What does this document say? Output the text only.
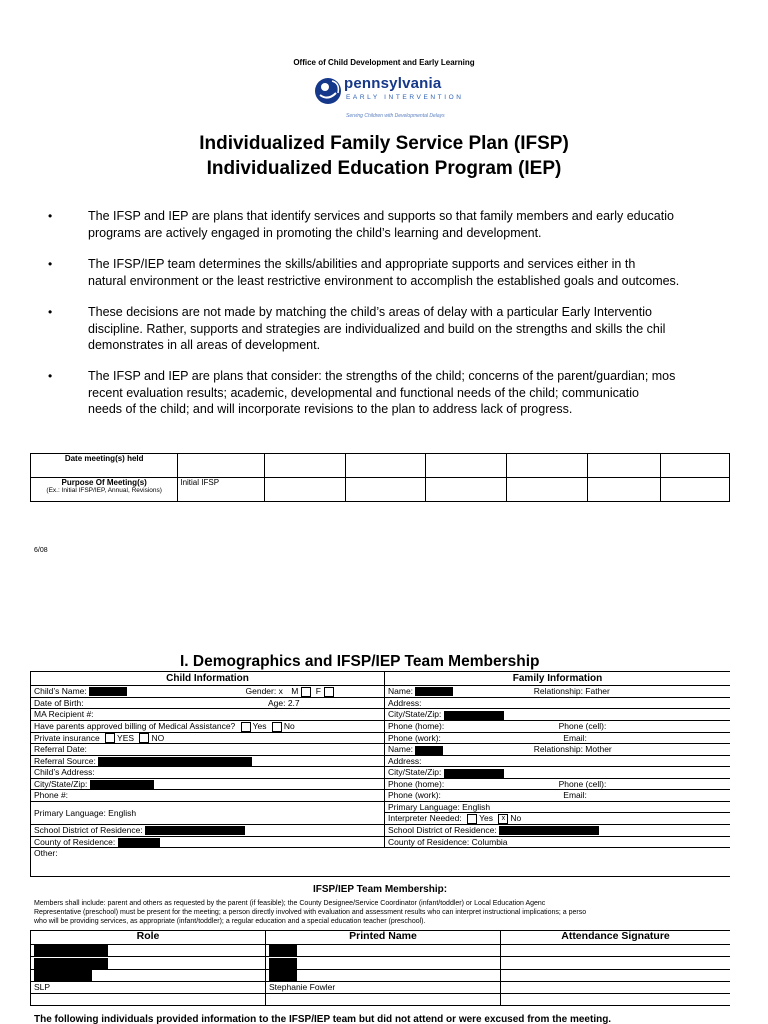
Office of Child Development and Early Learning
pennsylvania
EARLY INTERVENTION
Serving Children with Developmental Delays
Individualized Family Service Plan (IFSP)
Individualized Education Program (IEP)
•	The IFSP and IEP are plans that identify services and supports so that family members and early educatio
programs are actively engaged in promoting the child’s learning and development.
•	The IFSP/IEP team determines the skills/abilities and appropriate supports and services either in th
natural environment or the least restrictive environment to accomplish the established goals and outcomes.
•	These decisions are not made by matching the child’s areas of delay with a particular Early Interventio
discipline. Rather, supports and strategies are individualized and build on the strengths and skills the chil
demonstrates in all areas of development.
•	The IFSP and IEP are plans that consider: the strengths of the child; concerns of the parent/guardian; mos
recent evaluation results; academic, developmental and functional needs of the child; communicatio
needs of the child; and will incorporate revisions to the plan to address lack of progress.
Date meeting(s) held							
Purpose Of Meeting(s)
(Ex.: Initial IFSP/IEP, Annual, Revisions)	Initial IFSP						
6/08
I. Demographics and IFSP/IEP Team Membership
Child Information	Family Information
Child’s Name: Gender: x M F	Name: Relationship: Father
Date of Birth: Age: 2.7	Address:
MA Recipient #:	City/State/Zip:
Have parents approved billing of Medical Assistance? Yes No	Phone (home): Phone (cell):
Private insurance YES NO	Phone (work): Email:
Referral Date:	Name: Relationship: Mother
Referral Source:	Address:
Child’s Address:	City/State/Zip:
City/State/Zip:	Phone (home): Phone (cell):
Phone #:	Phone (work): Email:
Primary Language: English	Primary Language: English
	Interpreter Needed: Yes x No
School District of Residence:	School District of Residence:
County of Residence:	County of Residence: Columbia
Other:	
IFSP/IEP Team Membership:
Members shall include: parent and others as requested by the parent (if feasible); the County Designee/Service Coordinator (infant/toddler) or Local Education Agenc
Representative (preschool) must be present for the meeting; a person directly involved with evaluation and assessment results who can interpret instructional implications; a perso
who will be providing services, as appropriate (infant/toddler); a regular education and a special education teacher (preschool).
Role	Printed Name	Attendance Signature

SLP	Stephanie Fowler	

The following individuals provided information to the IFSP/IEP team but did not attend or were excused from the meeting.
